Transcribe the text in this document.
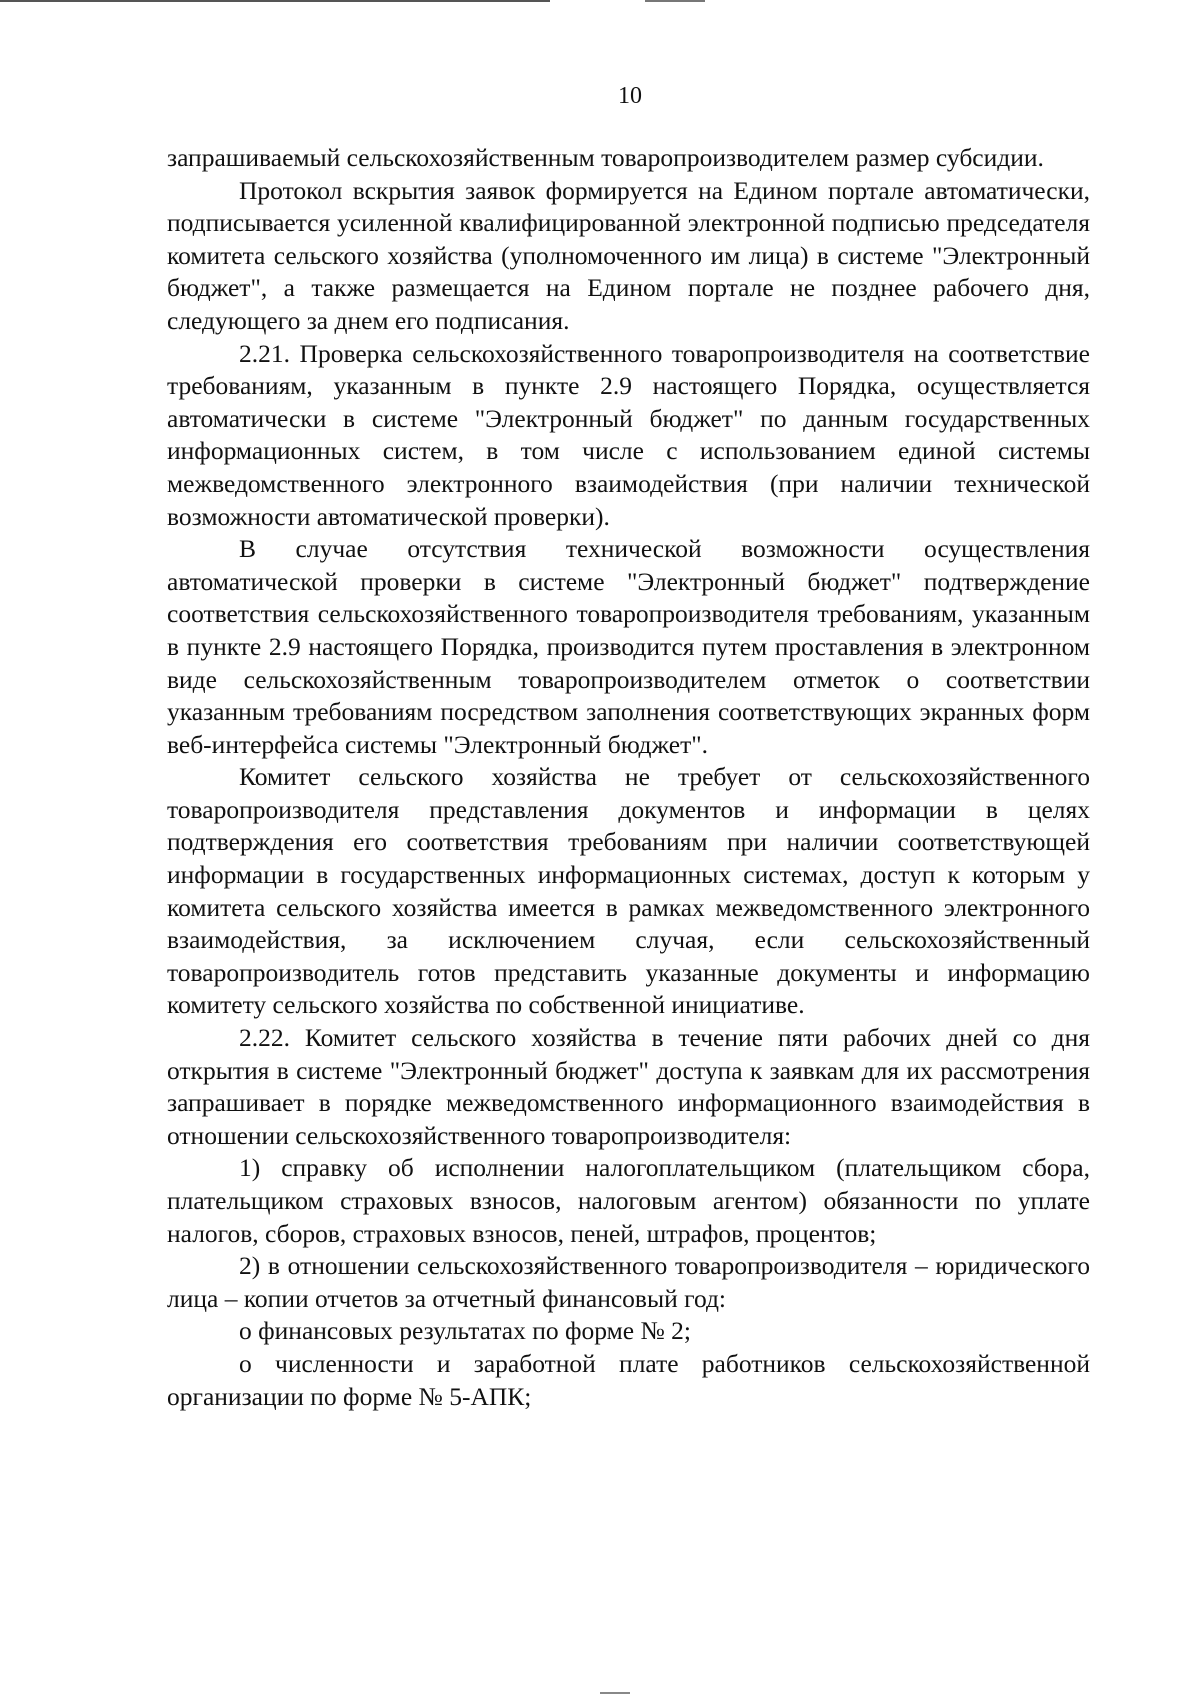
10

запрашиваемый сельскохозяйственным товаропроизводителем размер субсидии.

Протокол вскрытия заявок формируется на Едином портале автоматически, подписывается усиленной квалифицированной электронной подписью председателя комитета сельского хозяйства (уполномоченного им лица) в системе "Электронный бюджет", а также размещается на Едином портале не позднее рабочего дня, следующего за днем его подписания.

2.21. Проверка сельскохозяйственного товаропроизводителя на соответствие требованиям, указанным в пункте 2.9 настоящего Порядка, осуществляется автоматически в системе "Электронный бюджет" по данным государственных информационных систем, в том числе с использованием единой системы межведомственного электронного взаимодействия (при наличии технической возможности автоматической проверки).

В случае отсутствия технической возможности осуществления автоматической проверки в системе "Электронный бюджет" подтверждение соответствия сельскохозяйственного товаропроизводителя требованиям, указанным в пункте 2.9 настоящего Порядка, производится путем проставления в электронном виде сельскохозяйственным товаропроизводителем отметок о соответствии указанным требованиям посредством заполнения соответствующих экранных форм веб-интерфейса системы "Электронный бюджет".

Комитет сельского хозяйства не требует от сельскохозяйственного товаропроизводителя представления документов и информации в целях подтверждения его соответствия требованиям при наличии соответствующей информации в государственных информационных системах, доступ к которым у комитета сельского хозяйства имеется в рамках межведомственного электронного взаимодействия, за исключением случая, если сельскохозяйственный товаропроизводитель готов представить указанные документы и информацию комитету сельского хозяйства по собственной инициативе.

2.22. Комитет сельского хозяйства в течение пяти рабочих дней со дня открытия в системе "Электронный бюджет" доступа к заявкам для их рассмотрения запрашивает в порядке межведомственного информационного взаимодействия в отношении сельскохозяйственного товаропроизводителя:

1) справку об исполнении налогоплательщиком (плательщиком сбора, плательщиком страховых взносов, налоговым агентом) обязанности по уплате налогов, сборов, страховых взносов, пеней, штрафов, процентов;

2) в отношении сельскохозяйственного товаропроизводителя – юридического лица – копии отчетов за отчетный финансовый год:

о финансовых результатах по форме № 2;

о численности и заработной плате работников сельскохозяйственной организации по форме № 5-АПК;
